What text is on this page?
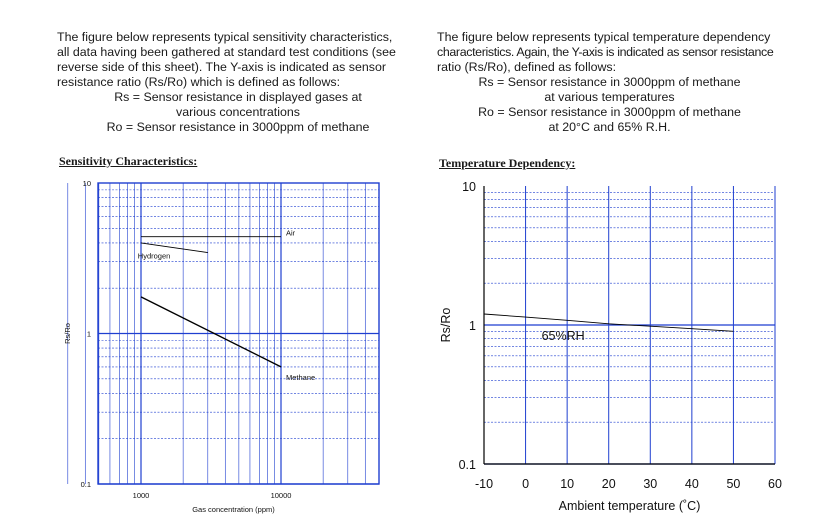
The figure below represents typical sensitivity characteristics,
all data having been gathered at standard test conditions (see
reverse side of this sheet). The Y-axis is indicated as sensor
resistance ratio (Rs/Ro) which is defined as follows:
Rs = Sensor resistance in displayed gases at
various concentrations
Ro = Sensor resistance in 3000ppm of methane
The figure below represents typical temperature dependency
characteristics. Again, the Y-axis is indicated as sensor resistance
ratio (Rs/Ro), defined as follows:
Rs = Sensor resistance in 3000ppm of methane
at various temperatures
Ro = Sensor resistance in 3000ppm of methane
at 20°C and 65% R.H.
Sensitivity Characteristics:	Temperature Dependency:
Air
Hydrogen
Methane
0.1
1
10
1000	10000
Gas concentration (ppm)
Rs/Ro	65%RH
0.1
1
10
-10 0 10 20 30 40 50 60
Ambient temperature (˚C)
Rs/Ro
